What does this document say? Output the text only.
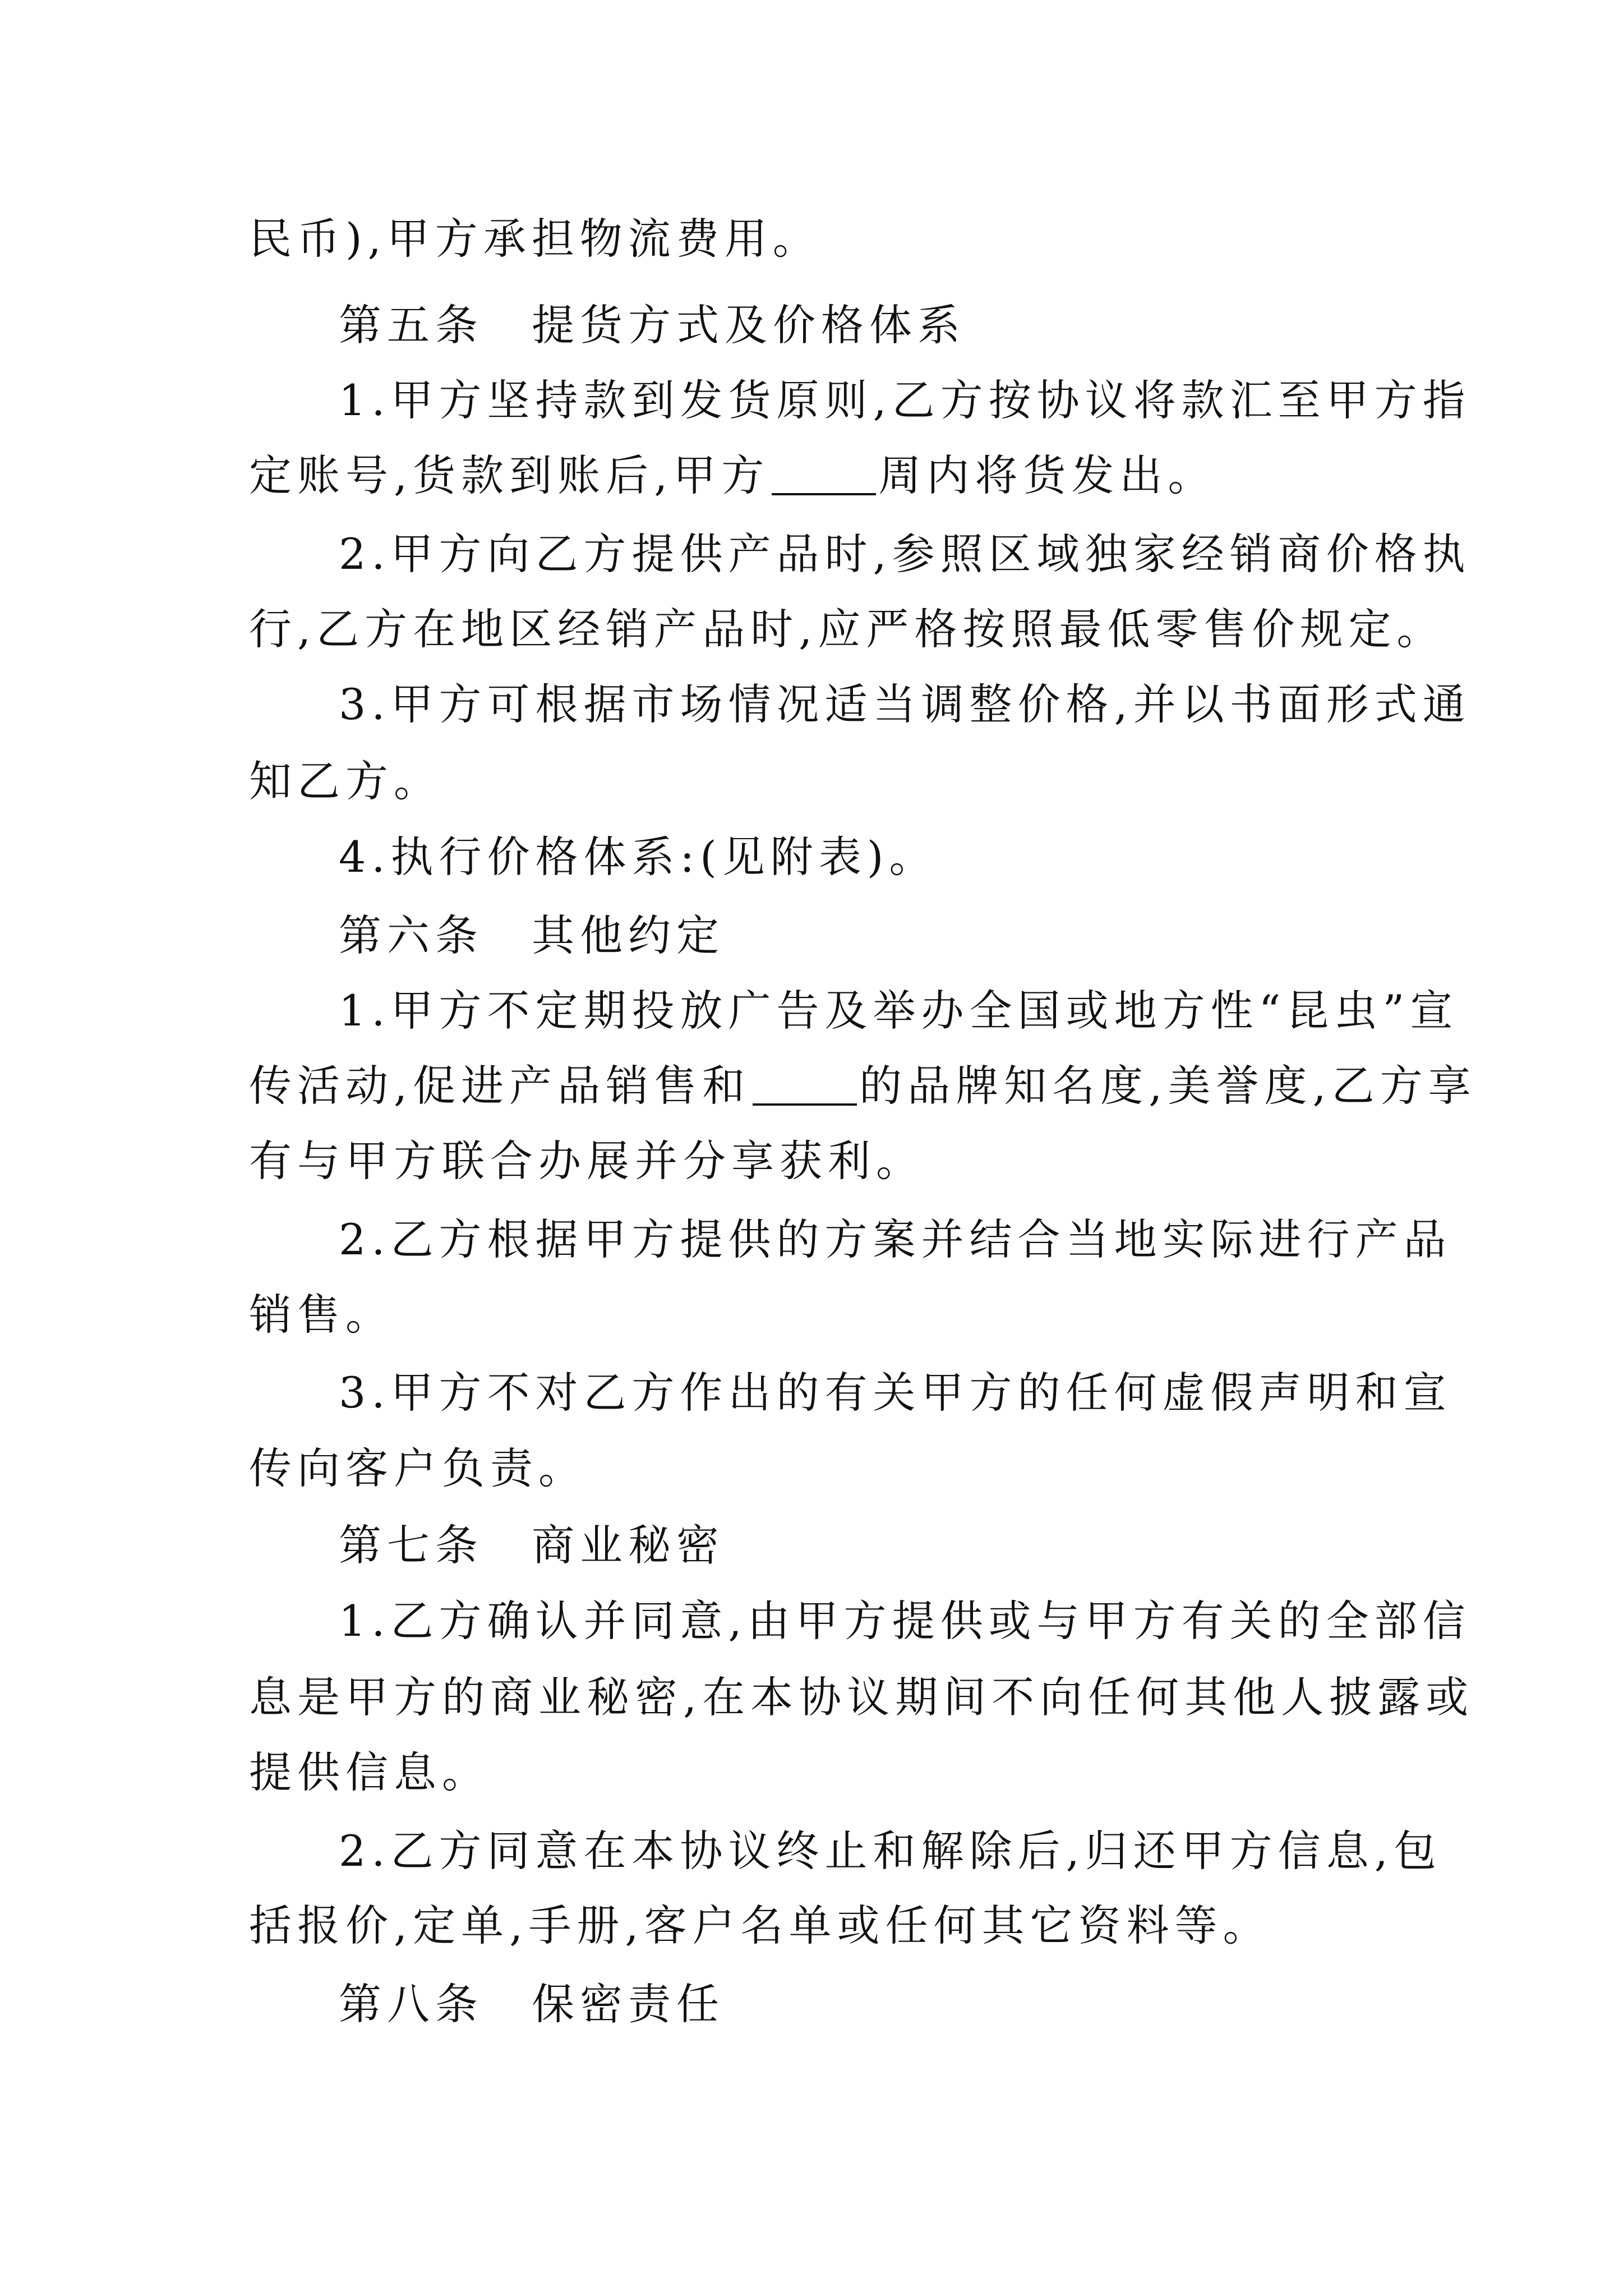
民币),甲方承担物流费用。
第五条　提货方式及价格体系
1.甲方坚持款到发货原则,乙方按协议将款汇至甲方指
定账号,货款到账后,甲方	周内将货发出。
2.甲方向乙方提供产品时,参照区域独家经销商价格执
行,乙方在地区经销产品时,应严格按照最低零售价规定。
3.甲方可根据市场情况适当调整价格,并以书面形式通
知乙方。
4.执行价格体系:(见附表)。
第六条　其他约定
1.甲方不定期投放广告及举办全国或地方性“昆虫”宣
传活动,促进产品销售和	的品牌知名度,美誉度,乙方享
有与甲方联合办展并分享获利。
2.乙方根据甲方提供的方案并结合当地实际进行产品
销售。
3.甲方不对乙方作出的有关甲方的任何虚假声明和宣
传向客户负责。
第七条　商业秘密
1.乙方确认并同意,由甲方提供或与甲方有关的全部信
息是甲方的商业秘密,在本协议期间不向任何其他人披露或
提供信息。
2.乙方同意在本协议终止和解除后,归还甲方信息,包
括报价,定单,手册,客户名单或任何其它资料等。
第八条　保密责任
